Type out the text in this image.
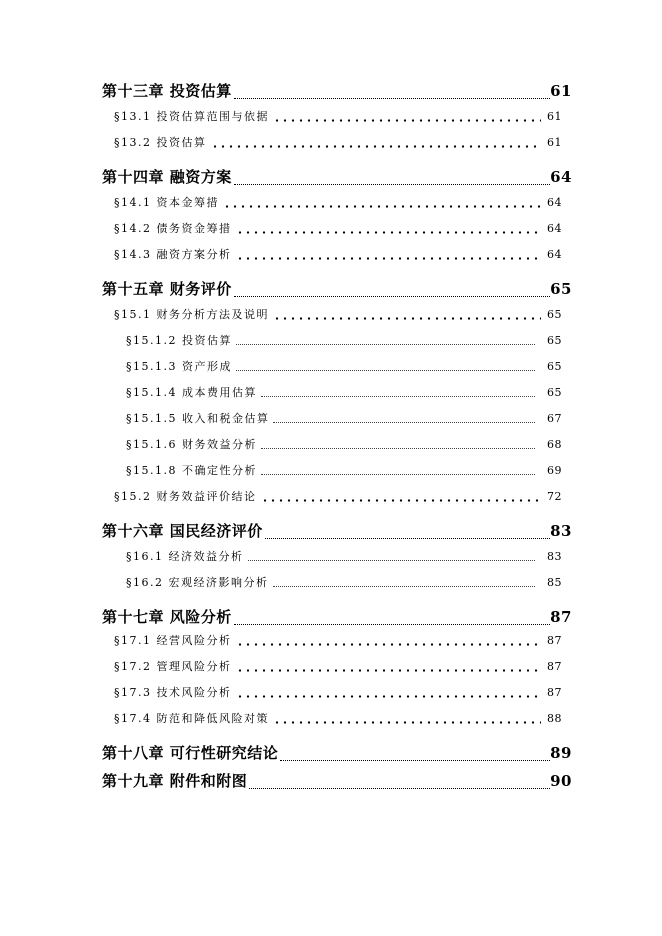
第十三章 投资估算	61
§13.1 投资估算范围与依据	61
§13.2 投资估算	61
第十四章 融资方案	64
§14.1 资本金筹措	64
§14.2 债务资金筹措	64
§14.3 融资方案分析	64
第十五章 财务评价	65
§15.1 财务分析方法及说明	65
§15.1.2 投资估算	65
§15.1.3 资产形成	65
§15.1.4 成本费用估算	65
§15.1.5 收入和税金估算	67
§15.1.6 财务效益分析	68
§15.1.8 不确定性分析	69
§15.2 财务效益评价结论	72
第十六章 国民经济评价	83
§16.1 经济效益分析	83
§16.2 宏观经济影响分析	85
第十七章 风险分析	87
§17.1 经营风险分析	87
§17.2 管理风险分析	87
§17.3 技术风险分析	87
§17.4 防范和降低风险对策	88
第十八章 可行性研究结论	89
第十九章 附件和附图	90
